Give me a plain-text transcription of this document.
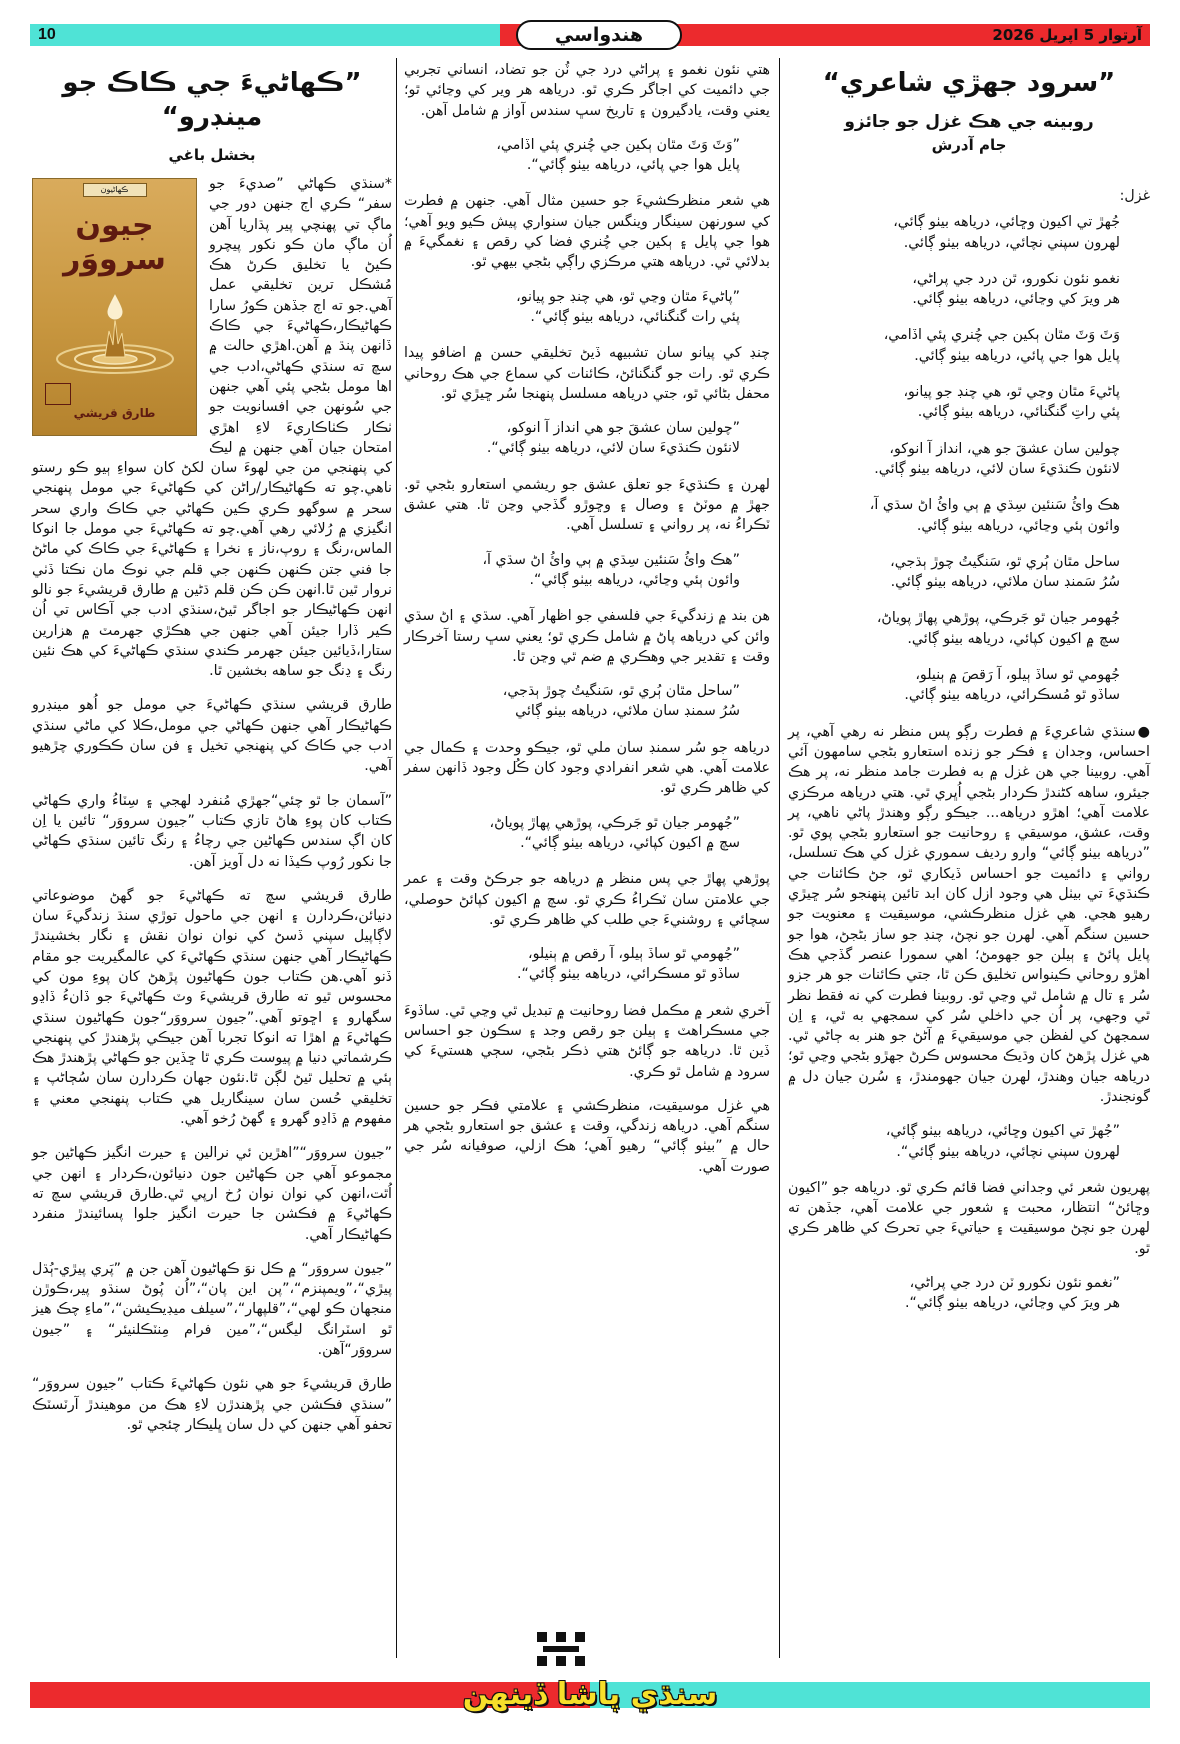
آرتوار 5 اپريل 2026
10	هندواسي
”سرود جهڙي شاعري“
روبينه جي هڪ غزل جو جائزو
جام آدرش
غزل:
جُهڙ تي اکيون وڇائي، درياهه بيٺو ڳائي،
لهرون سپني نچائي، درياهه بيٺو ڳائي.
نغمو نئون نکورو، ٿن درد جي پراڻي،
هر ويرَ کي وڃائي، درياهه بيٺو ڳائي.
وَٽَ وَٽَ مٿان ٻکين جي چُنري پئي اڏامي،
پايل هوا جي پائي، درياهه بيٺو ڳائي.
پاڻيءَ مٿان وڃي ٿو، هي چنڊ جو پيانو،
پئي راتِ گنگنائي، درياهه بيٺو ڳائي.
چولين سان عشقَ جو هي، انداز آ انوکو،
لانئون ڪنڌيءَ سان لائي، درياهه بيٺو ڳائي.
هڪ وائُ سَنئين سِڌي ۾ ٻي وائُ اڻ سڌي آ،
وائون ٻئي وڃائي، درياهه بيٺو ڳائي.
ساحل مٿان ٻُري ٿو، سَنگيتُ چوڙ ٻڌجي،
سُرُ سَمنڊ سان ملائي، درياهه بيٺو ڳائي.
جُهومر جيان ٿو جَرڪي، پوڙهي پهاڙ پوياڻ،
سچ ۾ اکيون کپائي، درياهه بيٺو ڳائي.
جُهومي ٿو ساڏ ٻيلو، آ رَقصَ ۾ ٻنيلو،
ساڏو ٿو مُسڪرائي، درياهه بيٺو ڳائي.

●سنڌي شاعريءَ ۾ فطرت رڳو پس منظر نه رهي آهي، پر احساس، وجدان ۽ فڪر جو زنده استعارو بڻجي سامهون آئي آهي. روبينا جي هن غزل ۾ به فطرت جامد منظر نه، پر هڪ جيئرو، ساهه کڻندڙ ڪردار بڻجي اُڀري ٿي. هتي درياهه مرڪزي علامت آهي؛ اهڙو درياهه... جيڪو رڳو وهندڙ پاڻي ناهي، پر وقت، عشق، موسيقي ۽ روحانيت جو استعارو بڻجي پوي ٿو. ”درياهه بيٺو ڳائي“ وارو رديف سموري غزل کي هڪ تسلسل، رواني ۽ دائميت جو احساس ڏيکاري ٿو، جڻ ڪائنات جي ڪنڌيءَ تي بيٺل هي وجود ازل کان ابد تائين پنهنجو سُر ڇيڙي رهيو هجي. هي غزل منظرڪشي، موسيقيت ۽ معنويت جو حسين سنگم آهي. لهرن جو نچڻ، چنڊ جو ساز بڻجڻ، هوا جو پايل پائڻ ۽ ٻيلن جو جهومڻ؛ اهي سمورا عنصر گڏجي هڪ اهڙو روحاني ڪينواس تخليق ڪن ٿا، جتي ڪائنات جو هر جزو سُر ۽ تال ۾ شامل ٿي وڃي ٿو. روبينا فطرت کي نه فقط نظر ٿي وجهي، پر اُن جي داخلي سُر کي سمجهي به ٿي، ۽ اِن سمجهڻ کي لفظن جي موسيقيءَ ۾ آڻڻ جو هنر به ڄاڻي ٿي. هي غزل پڙهڻ کان وڌيڪ محسوس ڪرڻ جهڙو بڻجي وڃي ٿو؛ درياهه جيان وهندڙ، لهرن جيان جهومندڙ، ۽ سُرن جيان دل ۾ گونجندڙ.

”جُهڙ تي اکيون وڇائي، درياهه بيٺو ڳائي،
لهرون سپني نچائي، درياهه بيٺو ڳائي“.

پهريون شعر ئي وجداني فضا قائم ڪري ٿو. درياهه جو ”اکيون وڇائڻ“ انتظار، محبت ۽ شعور جي علامت آهي، جڏهن ته لهرن جو نچڻ موسيقيت ۽ حياتيءَ جي تحرڪ کي ظاهر ڪري ٿو.

”نغمو نئون نکورو ٽن درد جي پراڻي،
هر ويرَ کي وڃائي، درياهه بيٺو ڳائي“.

هتي نئون نغمو ۽ پراڻي درد جي ٽُن جو تضاد، انساني تجربي جي دائميت کي اجاگر ڪري ٿو. درياهه هر وير کي وڃائي ٿو؛ يعني وقت، يادگيرون ۽ تاريخ سڀ سندس آواز ۾ شامل آهن.

”وَٽَ وَٽَ مٿان ٻکين جي چُنري پئي اڏامي،
پايل هوا جي پائي، درياهه بيٺو ڳائي“.

هي شعر منظرڪشيءَ جو حسين مثال آهي. جنهن ۾ فطرت کي سورنهن سينگار وينگس جيان سنواري پيش ڪيو ويو آهي؛ هوا جي پايل ۽ ٻکين جي چُنري فضا کي رقص ۽ نغمگيءَ ۾ بدلائي ٿي. درياهه هتي مرڪزي راڳي بڻجي بيهي ٿو.

”پاڻيءَ مٿان وڃي ٿو، هي چنڊ جو پيانو،
پئي رات گنگنائي، درياهه بيٺو ڳائي“.

چنڊ کي پيانو سان تشبيهه ڏيڻ تخليقي حسن ۾ اضافو پيدا ڪري ٿو. رات جو گنگنائڻ، ڪائنات کي سماع جي هڪ روحاني محفل بڻائي ٿو، جتي درياهه مسلسل پنهنجا سُر ڇيڙي ٿو.

”چولين سان عشقَ جو هي انداز آ انوکو،
لانئون ڪنڌيءَ سان لائي، درياهه بيٺو ڳائي“.

لهرن ۽ ڪنڌيءَ جو تعلق عشق جو ريشمي استعارو بڻجي ٿو. جهڙ ۾ موٽڻ ۽ وصال ۽ وڇوڙو گڏجي وڃن ٿا. هتي عشق ٽڪراءُ نه، پر رواني ۽ تسلسل آهي.

”هڪ وائُ سَنئين سِڌي ۾ ٻي وائُ اڻ سڌي آ،
وائون ٻئي وڃائي، درياهه بيٺو ڳائي“.

هن بند ۾ زندگيءَ جي فلسفي جو اظهار آهي. سڌي ۽ اڻ سڌي وائن کي درياهه پاڻ ۾ شامل ڪري ٿو؛ يعني سڀ رستا آخرڪار وقت ۽ تقدير جي وهڪري ۾ ضم ٿي وڃن ٿا.

”ساحل مٿان ٻُري ٿو، سَنگيتُ چوڙ ٻڌجي،
سُرُ سمنڊ سان ملائي، درياهه بيٺو ڳائي

درياهه جو سُر سمنڊ سان ملي ٿو، جيڪو وحدت ۽ ڪمال جي علامت آهي. هي شعر انفرادي وجود کان ڪُل وجود ڏانهن سفر کي ظاهر ڪري ٿو.

”جُهومر جيان ٿو جَرڪي، پوڙهي پهاڙ پوياڻ،
سچ ۾ اکيون کپائي، درياهه بيٺو ڳائي“.

پوڙهي پهاڙ جي پس منظر ۾ درياهه جو جرڪڻ وقت ۽ عمر جي علامتن سان ٽڪراءُ ڪري ٿو. سچ ۾ اکيون کپائڻ حوصلي، سچائي ۽ روشنيءَ جي طلب کي ظاهر ڪري ٿو.

”جُهومي ٿو ساڏ ٻيلو، آ رقص ۾ ٻنيلو،
ساڏو ٿو مسڪرائي، درياهه بيٺو ڳائي“.

آخري شعر ۾ مڪمل فضا روحانيت ۾ تبديل ٿي وڃي ٿي. ساڏوءَ جي مسڪراهٽ ۽ ٻيلن جو رقص وجد ۽ سڪون جو احساس ڏين ٿا. درياهه جو ڳائڻ هتي ذڪر بڻجي، سڄي هستيءَ کي سرود ۾ شامل ٿو ڪري.

هي غزل موسيقيت، منظرڪشي ۽ علامتي فڪر جو حسين سنگم آهي. درياهه زندگي، وقت ۽ عشق جو استعارو بڻجي هر حال ۾ ”بيٺو ڳائي“ رهيو آهي؛ هڪ ازلي، صوفيانه سُر جي صورت آهي.

”ڪهاڻيءَ جي ڪاڪ جو مينڊرو“
بخشل باغي
ڪهاڻيون
جيون سرووَر
طارق قريشي

*سنڌي ڪهاڻي ”صديءَ جو سفر“ ڪري اڄ جنهن دور جي ماڳ تي پهنچي پير پڌاريا آهن اُن ماڳ مان ڪو نکور پيچرو ڪيڻ يا تخليق ڪرڻ هڪ مُشڪل ترين تخليقي عمل آهي.جو ته اڄ جڏهن ڪورُ سارا ڪهاڻيڪار،ڪهاڻيءَ جي ڪاڪ ڏانهن پنڌ ۾ آهن.اهڙي حالت ۾ سچ ته سنڌي ڪهاڻي،ادب جي اها مومل بڻجي پئي آهي جنهن جي سُونهن جي افسانويت جو ٺڪار ڪٺاڪاريءَ لاءِ اهڙي امتحان جيان آهي جنهن ۾ ليڪ کي پنهنجي من جي لهوءَ سان لکڻ کان سواءِ ٻيو ڪو رستو ناهي.چو ته ڪهاڻيڪار/راڻن کي ڪهاڻيءَ جي مومل پنهنجي سحر ۾ سوگهو ڪري ڪين ڪهاڻي جي ڪاڪ واري سحر انگيزي ۾ رُلائي رهي آهي.چو ته ڪهاڻيءَ جي مومل جا انوکا الماس،رنگ ۽ روپ،ناز ۽ نخرا ۽ ڪهاڻيءَ جي ڪاڪ کي ماڻڻ جا فني جتن ڪنهن ڪنهن جي قلم جي نوڪ مان نڪتا ڏٺي نروار ٿين ٿا.انهن ڪن ڪن قلم ڌڻين ۾ طارق قريشيءَ جو نالو انهن ڪهاڻيڪار جو اجاگر ٿيڻ،سنڌي ادب جي آڪاس تي اُن ڪير ڏارا جيئن آهي جنهن جي هڪڙي جهرمٽ ۾ هزارين ستارا،ڏيائين جيئن جهرمر ڪندي سنڌي ڪهاڻيءَ کي هڪ نئين رنگ ۽ ڍنگ جو ساهه بخشين ٿا.

طارق قريشي سنڌي ڪهاڻيءَ جي مومل جو اُهو مينڊرو ڪهاڻيڪار آهي جنهن ڪهاڻي جي مومل،ڪلا کي ماڻي سنڌي ادب جي ڪاڪ کي پنهنجي تخيل ۽ فن سان ڪڪوري چڙهيو آهي.

”آسمان جا ٿو چئي“جهڙي مُنفرد لهجي ۽ سِٽاءُ واري ڪهاڻي ڪتاب کان پوءِ هاڻ تازي ڪتاب ”جيون سرووَر“ تائين يا اِن کان اڳ سندس ڪهاڻين جي رچاءُ ۽ رنگ تائين سنڌي ڪهاڻي جا نکور رُوپ ڪيڏا نه دل آويز آهن.

طارق قريشي سچ ته ڪهاڻيءَ جو گهڻ موضوعاتي دنيائن،ڪردارن ۽ انهن جي ماحول توڙي سنڌ زندگيءَ سان لاڳاپيل سپني ڏسڻ کي نوان نوان نقش ۽ نگار بخشيندڙ ڪهاڻيڪار آهي جنهن سنڌي ڪهاڻيءَ کي عالمگيريت جو مقام ڏنو آهي.هن ڪتاب جون ڪهاڻيون پڙهڻ کان پوءِ مون کي محسوس ٿيو ته طارق قريشيءَ وٽ ڪهاڻيءَ جو ڏانءُ ڏاڍو سگهارو ۽ اڇوتو آهي.”جيون سرووَر“جون ڪهاڻيون سنڌي ڪهاڻيءَ ۾ اهڙا ته انوکا تجربا آهن جيڪي پڙهندڙ کي پنهنجي ڪرشماتي دنيا ۾ پيوست ڪري ٿا ڇڏين جو ڪهاڻي پڙهندڙ هڪ ٻئي ۾ تحليل ٿيڻ لڳن ٿا.نئون جهان ڪردارن سان سُڄاڻپ ۽ تخليقي حُسن سان سينگاريل هي ڪتاب پنهنجي معني ۽ مفهوم ۾ ڏاڍو گهرو ۽ گهڻ رُخو آهي.

”جيون سرووَر“”اهڙين ئي نرالين ۽ حيرت انگيز ڪهاڻين جو مجموعو آهي جن ڪهاڻين جون دنيائون،ڪردار ۽ انهن جي اُٿت،انهن کي نوان نوان رُخ ارپي ٿي.طارق قريشي سچ ته ڪهاڻيءَ ۾ فڪشن جا حيرت انگيز جلوا پسائيندڙ منفرد ڪهاڻيڪار آهي.

”جيون سرووَر“ ۾ ڪل نوَ ڪهاڻيون آهن جن ۾ ”پَري پيڙي-ٻُڌل پيڙي“،”ويمپنزم“،”پن اين پان“،”اُن پُوڻ سنڌو پير،ڪوڙن منجهان ڪو لهي“،”قلپهار“،”سيلف ميڊيڪيشن“،”ماءِ چڪ هيز ٿو اسٽرانگ ليگس“،”مين فرام مِنٽڪلنيئر“ ۽ ”جيون سرووَر“آهن.

طارق قريشيءَ جو هي نئون ڪهاڻيءَ ڪتاب ”جيون سرووَر“ ”سنڌي فڪشن جي پڙهندڙن لاءِ هڪ من موهيندڙ آرٽسٽڪ تحفو آهي جنهن کي دل سان ڀليڪار چئجي ٿو.

سنڌي پاشا ڏينهن
